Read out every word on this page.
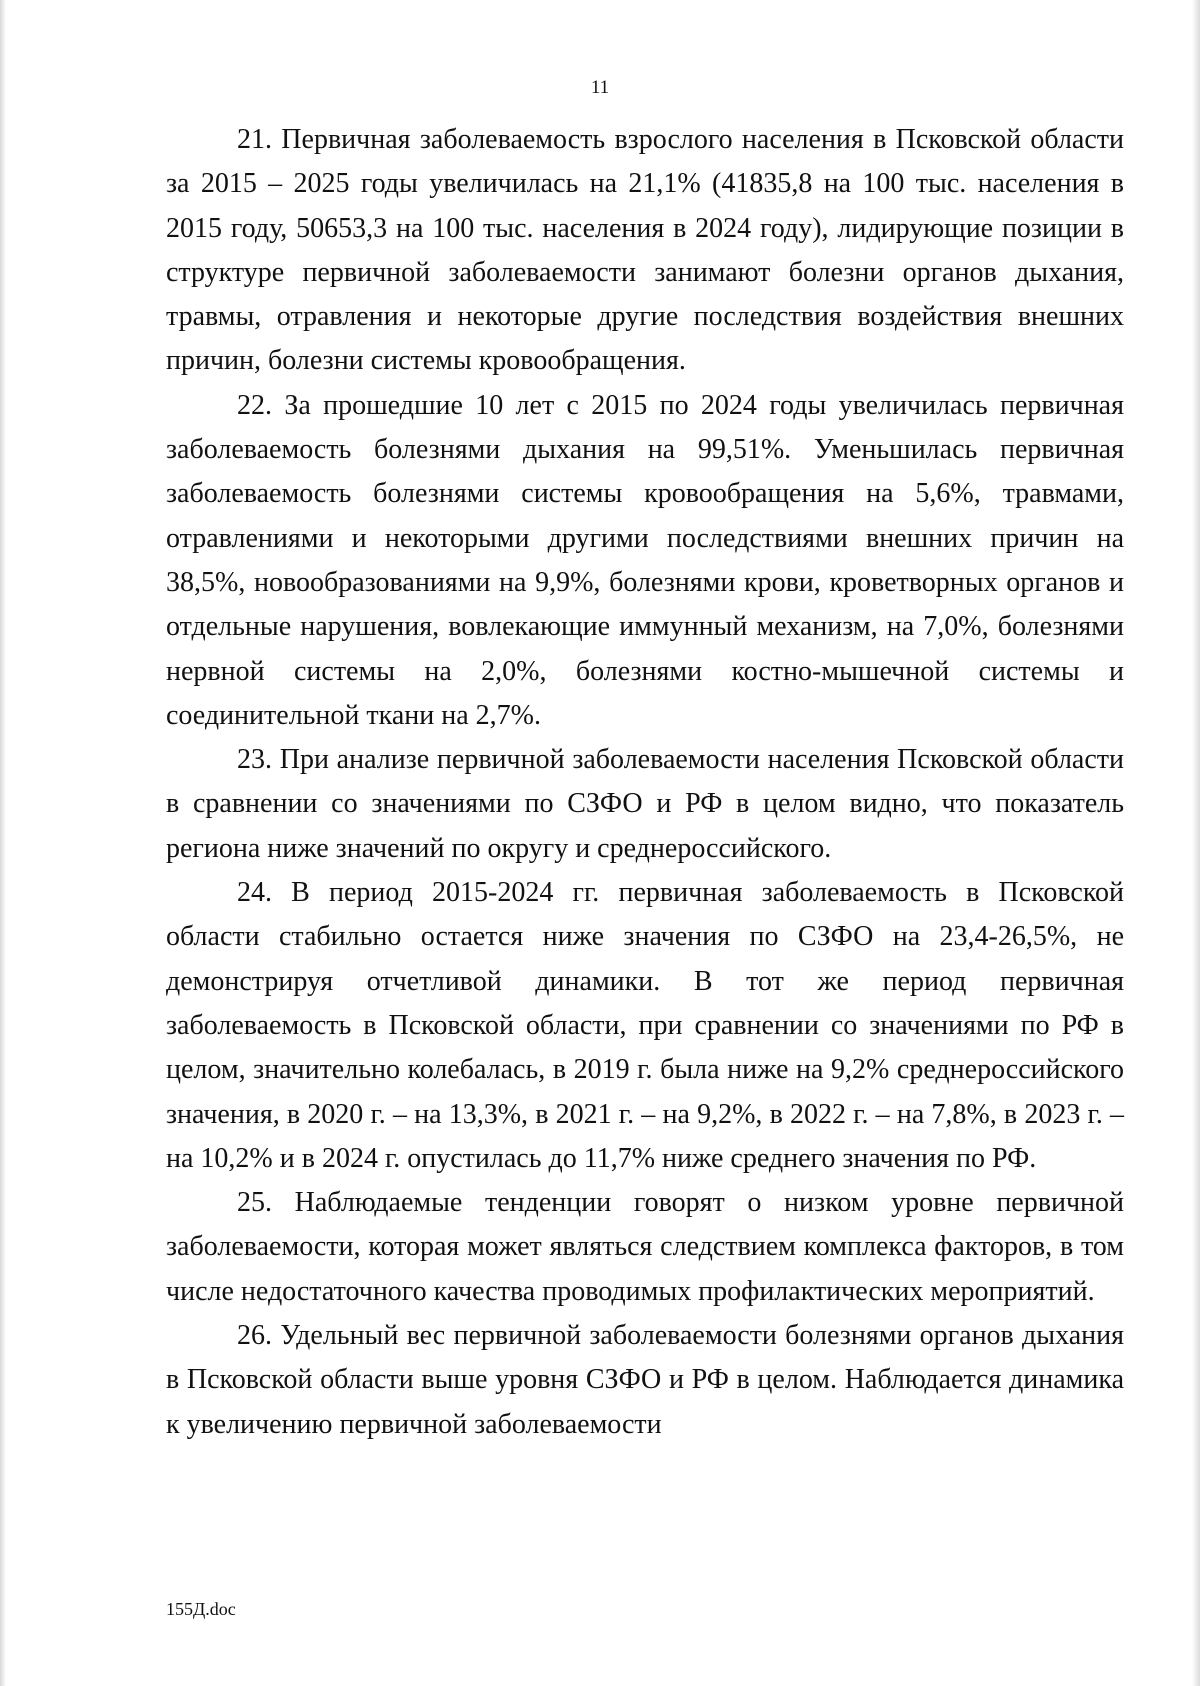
11

21. Первичная заболеваемость взрослого населения в Псковской области за 2015 – 2025 годы увеличилась на 21,1% (41835,8 на 100 тыс. населения в 2015 году, 50653,3 на 100 тыс. населения в 2024 году), лидирующие позиции в структуре первичной заболеваемости занимают болезни органов дыхания, травмы, отравления и некоторые другие последствия воздействия внешних причин, болезни системы кровообращения.

22. За прошедшие 10 лет с 2015 по 2024 годы увеличилась первичная заболеваемость болезнями дыхания на 99,51%. Уменьшилась первичная заболеваемость болезнями системы кровообращения на 5,6%, травмами, отравлениями и некоторыми другими последствиями внешних причин на 38,5%, новообразованиями на 9,9%, болезнями крови, кроветворных органов и отдельные нарушения, вовлекающие иммунный механизм, на 7,0%, болезнями нервной системы на 2,0%, болезнями костно-мышечной системы и соединительной ткани на 2,7%.

23. При анализе первичной заболеваемости населения Псковской области в сравнении со значениями по СЗФО и РФ в целом видно, что показатель региона ниже значений по округу и среднероссийского.

24. В период 2015-2024 гг. первичная заболеваемость в Псковской области стабильно остается ниже значения по СЗФО на 23,4-26,5%, не демонстрируя отчетливой динамики. В тот же период первичная заболеваемость в Псковской области, при сравнении со значениями по РФ в целом, значительно колебалась, в 2019 г. была ниже на 9,2% среднероссийского значения, в 2020 г. – на 13,3%, в 2021 г. – на 9,2%, в 2022 г. – на 7,8%, в 2023 г. – на 10,2% и в 2024 г. опустилась до 11,7% ниже среднего значения по РФ.

25. Наблюдаемые тенденции говорят о низком уровне первичной заболеваемости, которая может являться следствием комплекса факторов, в том числе недостаточного качества проводимых профилактических мероприятий.

26. Удельный вес первичной заболеваемости болезнями органов дыхания в Псковской области выше уровня СЗФО и РФ в целом. Наблюдается динамика к увеличению первичной заболеваемости

155Д.doc
